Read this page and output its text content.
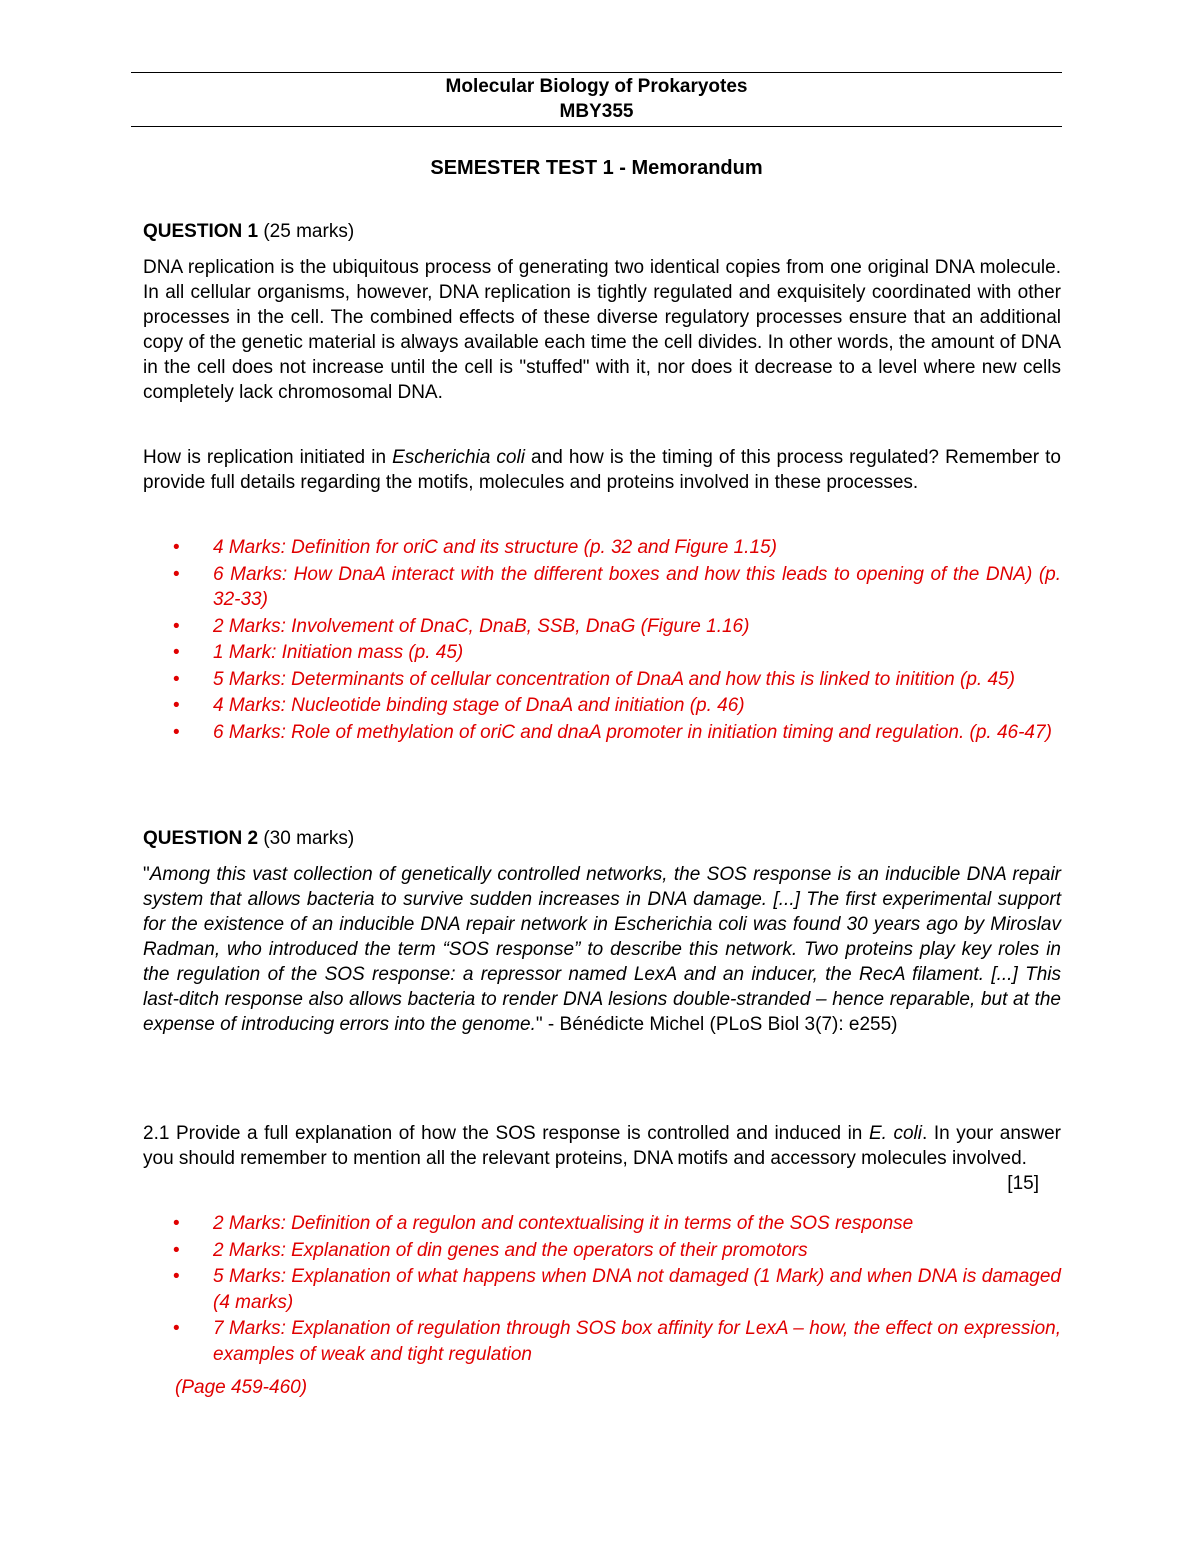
Molecular Biology of Prokaryotes
MBY355
SEMESTER TEST 1 - Memorandum
QUESTION 1 (25 marks)
DNA replication is the ubiquitous process of generating two identical copies from one original DNA molecule. In all cellular organisms, however, DNA replication is tightly regulated and exquisitely coordinated with other processes in the cell. The combined effects of these diverse regulatory processes ensure that an additional copy of the genetic material is always available each time the cell divides. In other words, the amount of DNA in the cell does not increase until the cell is "stuffed" with it, nor does it decrease to a level where new cells completely lack chromosomal DNA.
How is replication initiated in Escherichia coli and how is the timing of this process regulated? Remember to provide full details regarding the motifs, molecules and proteins involved in these processes.
• 4 Marks: Definition for oriC and its structure (p. 32 and Figure 1.15)
• 6 Marks: How DnaA interact with the different boxes and how this leads to opening of the DNA) (p. 32-33)
• 2 Marks: Involvement of DnaC, DnaB, SSB, DnaG (Figure 1.16)
• 1 Mark: Initiation mass (p. 45)
• 5 Marks: Determinants of cellular concentration of DnaA and how this is linked to initition (p. 45)
• 4 Marks: Nucleotide binding stage of DnaA and initiation (p. 46)
• 6 Marks: Role of methylation of oriC and dnaA promoter in initiation timing and regulation. (p. 46-47)
QUESTION 2 (30 marks)
"Among this vast collection of genetically controlled networks, the SOS response is an inducible DNA repair system that allows bacteria to survive sudden increases in DNA damage. [...] The first experimental support for the existence of an inducible DNA repair network in Escherichia coli was found 30 years ago by Miroslav Radman, who introduced the term “SOS response” to describe this network. Two proteins play key roles in the regulation of the SOS response: a repressor named LexA and an inducer, the RecA filament. [...] This last-ditch response also allows bacteria to render DNA lesions double-stranded – hence reparable, but at the expense of introducing errors into the genome." - Bénédicte Michel (PLoS Biol 3(7): e255)
2.1 Provide a full explanation of how the SOS response is controlled and induced in E. coli. In your answer you should remember to mention all the relevant proteins, DNA motifs and accessory molecules involved.
[15]
• 2 Marks: Definition of a regulon and contextualising it in terms of the SOS response
• 2 Marks: Explanation of din genes and the operators of their promotors
• 5 Marks: Explanation of what happens when DNA not damaged (1 Mark) and when DNA is damaged (4 marks)
• 7 Marks: Explanation of regulation through SOS box affinity for LexA – how, the effect on expression, examples of weak and tight regulation
(Page 459-460)
